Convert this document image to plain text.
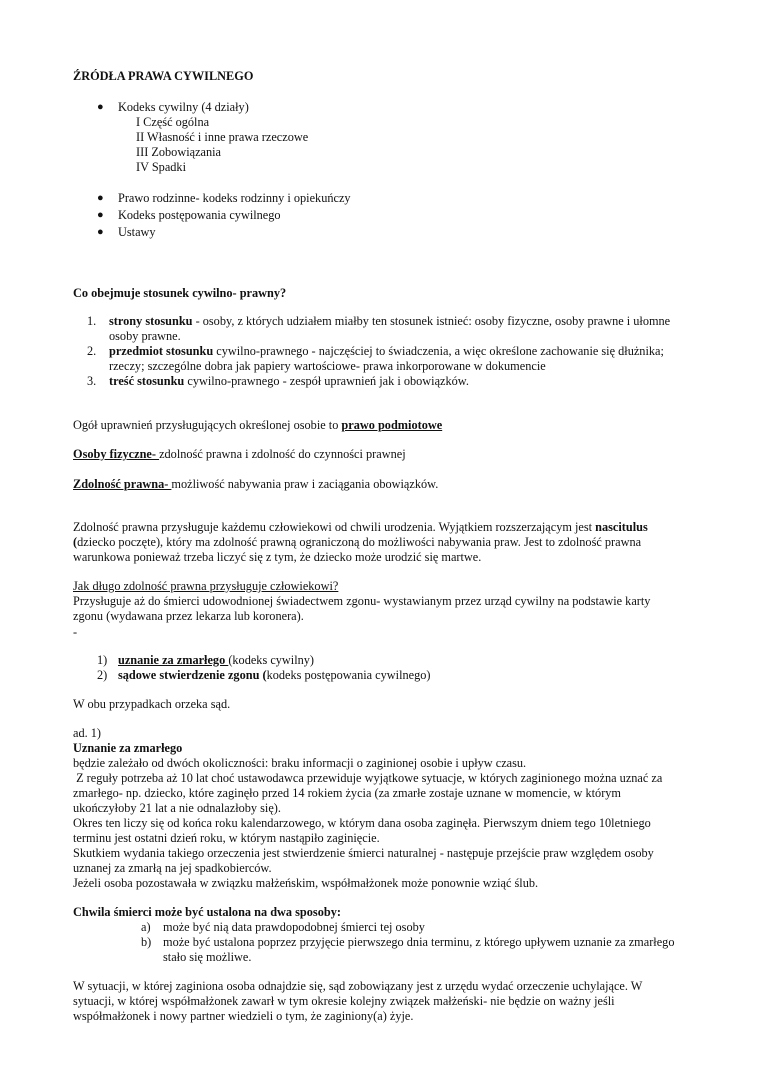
ŹRÓDŁA PRAWA CYWILNEGO
● Kodeks cywilny (4 działy)
I Część ogólna
II Własność i inne prawa rzeczowe
III Zobowiązania
IV Spadki
● Prawo rodzinne- kodeks rodzinny i opiekuńczy
● Kodeks postępowania cywilnego
● Ustawy
Co obejmuje stosunek cywilno- prawny?
1. strony stosunku - osoby, z których udziałem miałby ten stosunek istnieć: osoby fizyczne, osoby prawne i ułomne
osoby prawne.
2. przedmiot stosunku cywilno-prawnego - najczęściej to świadczenia, a więc określone zachowanie się dłużnika;
rzeczy; szczególne dobra jak papiery wartościowe- prawa inkorporowane w dokumencie
3. treść stosunku cywilno-prawnego - zespół uprawnień jak i obowiązków.
Ogół uprawnień przysługujących określonej osobie to prawo podmiotowe
Osoby fizyczne- zdolność prawna i zdolność do czynności prawnej
Zdolność prawna- możliwość nabywania praw i zaciągania obowiązków.
Zdolność prawna przysługuje każdemu człowiekowi od chwili urodzenia. Wyjątkiem rozszerzającym jest nascitulus
(dziecko poczęte), który ma zdolność prawną ograniczoną do możliwości nabywania praw. Jest to zdolność prawna
warunkowa ponieważ trzeba liczyć się z tym, że dziecko może urodzić się martwe.
Jak długo zdolność prawna przysługuje człowiekowi?
Przysługuje aż do śmierci udowodnionej świadectwem zgonu- wystawianym przez urząd cywilny na podstawie karty
zgonu (wydawana przez lekarza lub koronera).
-
1) uznanie za zmarłego (kodeks cywilny)
2) sądowe stwierdzenie zgonu (kodeks postępowania cywilnego)
W obu przypadkach orzeka sąd.
ad. 1)
Uznanie za zmarłego
będzie zależało od dwóch okoliczności: braku informacji o zaginionej osobie i upływ czasu.
Z reguły potrzeba aż 10 lat choć ustawodawca przewiduje wyjątkowe sytuacje, w których zaginionego można uznać za
zmarłego- np. dziecko, które zaginęło przed 14 rokiem życia (za zmarłe zostaje uznane w momencie, w którym
ukończyłoby 21 lat a nie odnalazłoby się).
Okres ten liczy się od końca roku kalendarzowego, w którym dana osoba zaginęła. Pierwszym dniem tego 10letniego
terminu jest ostatni dzień roku, w którym nastąpiło zaginięcie.
Skutkiem wydania takiego orzeczenia jest stwierdzenie śmierci naturalnej - następuje przejście praw względem osoby
uznanej za zmarłą na jej spadkobierców.
Jeżeli osoba pozostawała w związku małżeńskim, współmałżonek może ponownie wziąć ślub.
Chwila śmierci może być ustalona na dwa sposoby:
a) może być nią data prawdopodobnej śmierci tej osoby
b) może być ustalona poprzez przyjęcie pierwszego dnia terminu, z którego upływem uznanie za zmarłego
stało się możliwe.
W sytuacji, w której zaginiona osoba odnajdzie się, sąd zobowiązany jest z urzędu wydać orzeczenie uchylające. W
sytuacji, w której współmałżonek zawarł w tym okresie kolejny związek małżeński- nie będzie on ważny jeśli
współmałżonek i nowy partner wiedzieli o tym, że zaginiony(a) żyje.
